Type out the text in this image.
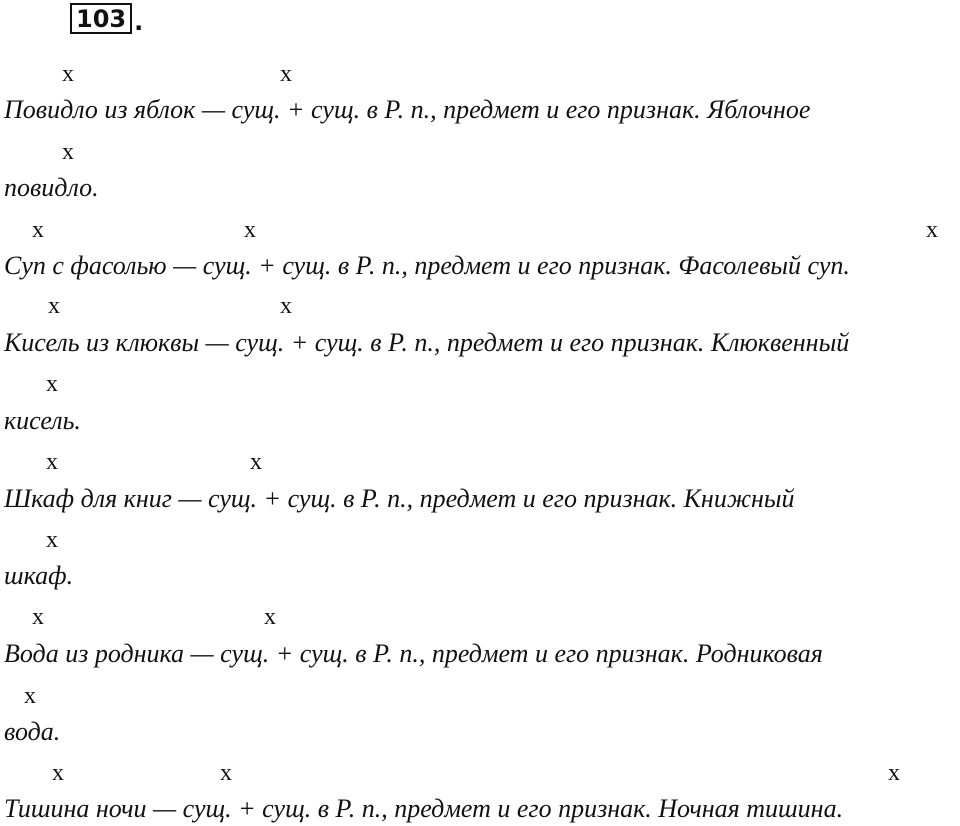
103 .
x	x
Повидло из яблок — сущ. + сущ. в Р. п., предмет и его признак. Яблочное
x
повидло.
x	x	x
Суп с фасолью — сущ. + сущ. в Р. п., предмет и его признак. Фасолевый суп.
x	x
Кисель из клюквы — сущ. + сущ. в Р. п., предмет и его признак. Клюквенный
x
кисель.
x	x
Шкаф для книг — сущ. + сущ. в Р. п., предмет и его признак. Книжный
x
шкаф.
x	x
Вода из родника — сущ. + сущ. в Р. п., предмет и его признак. Родниковая
x
вода.
x	x	x
Тишина ночи — сущ. + сущ. в Р. п., предмет и его признак. Ночная тишина.
